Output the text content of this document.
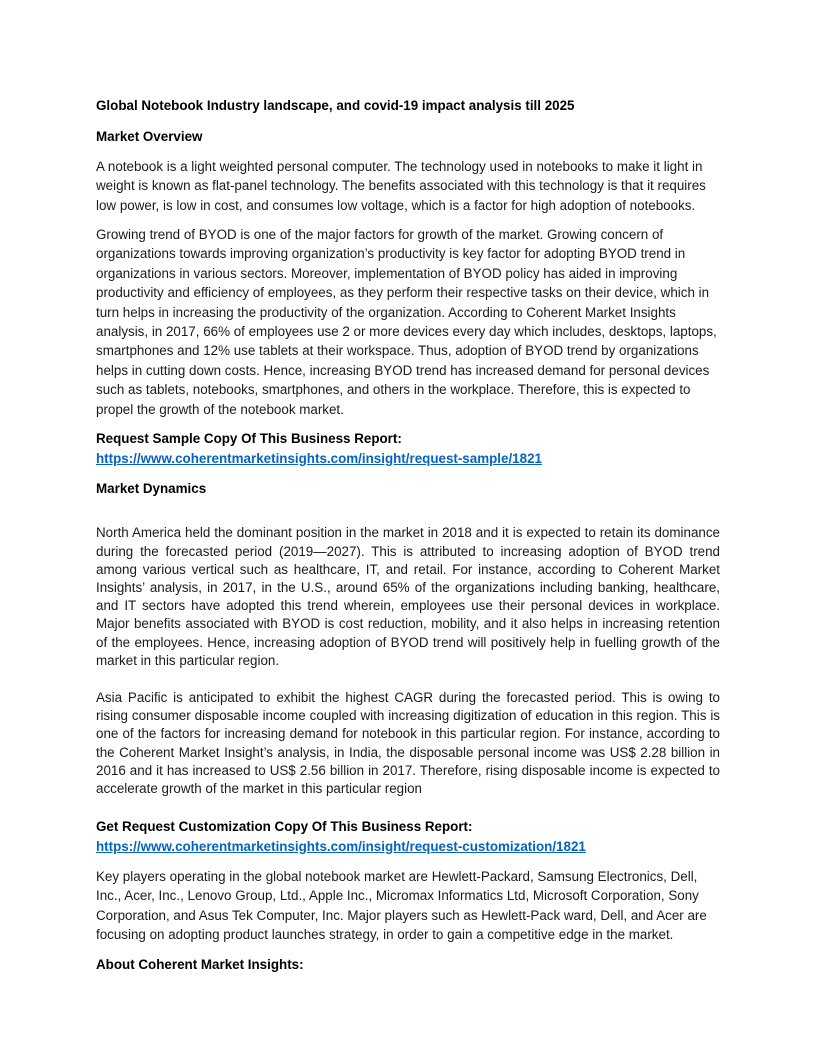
Global Notebook Industry landscape, and covid-19 impact analysis till 2025
Market Overview

A notebook is a light weighted personal computer. The technology used in notebooks to make it light in weight is known as flat-panel technology. The benefits associated with this technology is that it requires low power, is low in cost, and consumes low voltage, which is a factor for high adoption of notebooks.

Growing trend of BYOD is one of the major factors for growth of the market. Growing concern of organizations towards improving organization’s productivity is key factor for adopting BYOD trend in organizations in various sectors. Moreover, implementation of BYOD policy has aided in improving productivity and efficiency of employees, as they perform their respective tasks on their device, which in turn helps in increasing the productivity of the organization. According to Coherent Market Insights analysis, in 2017, 66% of employees use 2 or more devices every day which includes, desktops, laptops, smartphones and 12% use tablets at their workspace. Thus, adoption of BYOD trend by organizations helps in cutting down costs. Hence, increasing BYOD trend has increased demand for personal devices such as tablets, notebooks, smartphones, and others in the workplace. Therefore, this is expected to propel the growth of the notebook market.

Request Sample Copy Of This Business Report:
https://www.coherentmarketinsights.com/insight/request-sample/1821
Market Dynamics

North America held the dominant position in the market in 2018 and it is expected to retain its dominance during the forecasted period (2019—2027). This is attributed to increasing adoption of BYOD trend among various vertical such as healthcare, IT, and retail. For instance, according to Coherent Market Insights’ analysis, in 2017, in the U.S., around 65% of the organizations including banking, healthcare, and IT sectors have adopted this trend wherein, employees use their personal devices in workplace. Major benefits associated with BYOD is cost reduction, mobility, and it also helps in increasing retention of the employees. Hence, increasing adoption of BYOD trend will positively help in fuelling growth of the market in this particular region.

Asia Pacific is anticipated to exhibit the highest CAGR during the forecasted period. This is owing to rising consumer disposable income coupled with increasing digitization of education in this region. This is one of the factors for increasing demand for notebook in this particular region. For instance, according to the Coherent Market Insight’s analysis, in India, the disposable personal income was US$ 2.28 billion in 2016 and it has increased to US$ 2.56 billion in 2017. Therefore, rising disposable income is expected to accelerate growth of the market in this particular region

Get Request Customization Copy Of This Business Report:
https://www.coherentmarketinsights.com/insight/request-customization/1821

Key players operating in the global notebook market are Hewlett-Packard, Samsung Electronics, Dell, Inc., Acer, Inc., Lenovo Group, Ltd., Apple Inc., Micromax Informatics Ltd, Microsoft Corporation, Sony Corporation, and Asus Tek Computer, Inc. Major players such as Hewlett-Pack ward, Dell, and Acer are focusing on adopting product launches strategy, in order to gain a competitive edge in the market.

About Coherent Market Insights:
